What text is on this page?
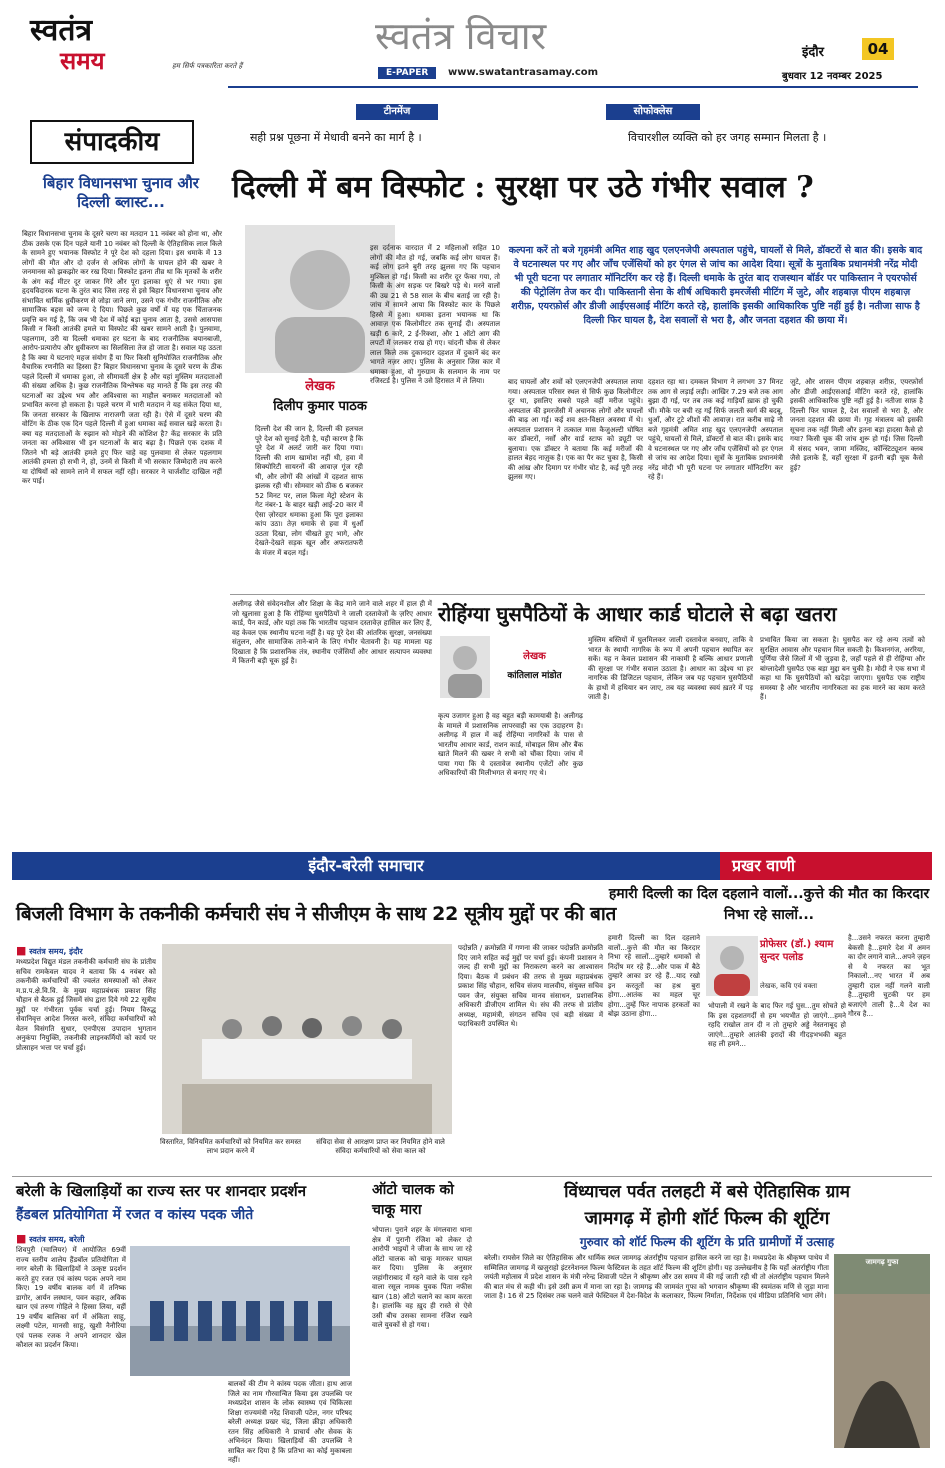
स्वतंत्र
समय	हम सिर्फ पत्रकारिता करते हैं
स्वतंत्र विचार
E-PAPER	www.swatantrasamay.com
इंदौर	04
बुधवार 12 नवम्बर 2025
टीनमेंज
सही प्रश्न पूछना में मेधावी बनने का मार्ग है ।
सोफोक्लेस
विचारशील व्यक्ति को हर जगह सम्मान मिलता है ।
संपादकीय
बिहार विधानसभा चुनाव और दिल्ली ब्लास्ट...
बिहार विधानसभा चुनाव के दूसरे चरण का मतदान 11 नवंबर को होना था, और ठीक उसके एक दिन पहले यानी 10 नवंबर को दिल्ली के ऐतिहासिक लाल किले के सामने हुए भयानक विस्फोट ने पूरे देश को दहला दिया। इस धमाके में 13 लोगों की मौत और दो दर्जन से अधिक लोगों के घायल होने की खबर ने जनमानस को झकझोर कर रख दिया। विस्फोट इतना तीव्र था कि मृतकों के शरीर के अंग कई मीटर दूर जाकर गिरे और पूरा इलाका धुएं से भर गया। इस हृदयविदारक घटना के तुरंत बाद जिस तरह से इसे बिहार विधानसभा चुनाव और संभावित धार्मिक ध्रुवीकरण से जोड़ा जाने लगा, उसने एक गंभीर राजनीतिक और सामाजिक बहस को जन्म दे दिया। पिछले कुछ वर्षों में यह एक चिंताजनक प्रवृत्ति बन गई है, कि जब भी देश में कोई बड़ा चुनाव आता है, उससे आसपास किसी न किसी आतंकी हमले या विस्फोट की खबर सामने आती है। पुलवामा, पहलगाम, उरी या दिल्ली धमाका हर घटना के बाद राजनीतिक बयानबाजी, आरोप-प्रत्यारोप और ध्रुवीकरण का सिलसिला तेज हो जाता है। सवाल यह उठता है कि क्या ये घटनाएं महज संयोग हैं या फिर किसी सुनियोजित राजनीतिक और वैचारिक रणनीति का हिस्सा हैं? बिहार विधानसभा चुनाव के दूसरे चरण के ठीक पहले दिल्ली में धमाका हुआ, तो सीमावर्ती क्षेत्र है और यहां मुस्लिम मतदाताओं की संख्या अधिक है। कुछ राजनीतिक विश्लेषक यह मानते हैं कि इस तरह की घटनाओं का उद्देश्य भय और अविश्वास का माहौल बनाकर मतदाताओं को प्रभावित करना हो सकता है। पहले चरण में भारी मतदान ने यह संकेत दिया था, कि जनता सरकार के खिलाफ नाराजगी जता रही है। ऐसे में दूसरे चरण की वोटिंग के ठीक एक दिन पहले दिल्ली में हुआ धमाका कई सवाल खड़े करता है। क्या यह मतदाताओं के रुझान को मोड़ने की कोशिश है? केंद्र सरकार के प्रति जनता का अविश्वास भी इन घटनाओं के बाद बढ़ा है। पिछले एक दशक में जितने भी बड़े आतंकी हमले हुए फिर चाहे वह पुलवामा से लेकर पहलगाम आतंकी हमला हो सभी ने, हो, उनमें से किसी में भी सरकार जिम्मेदारी तय करने या दोषियों को सामने लाने में सफल नहीं रही। सरकार ने चार्जशीट दाखिल नहीं कर पाई।
दिल्ली में बम विस्फोट : सुरक्षा पर उठे गंभीर सवाल ?
लेखक
दिलीप कुमार पाठक
कल्पना करें तो बजे गृहमंत्री अमित शाह खुद एलएनजेपी अस्पताल पहुंचे, घायलों से मिले, डॉक्टरों से बात की। इसके बाद वे घटनास्थल पर गए और जाँच एजेंसियों को हर एंगल से जांच का आदेश दिया। सूत्रों के मुताबिक प्रधानमंत्री नरेंद्र मोदी भी पूरी घटना पर लगातार मॉनिटरिंग कर रहे हैं। दिल्ली धमाके के तुरंत बाद राजस्थान बॉर्डर पर पाकिस्तान ने एयरफोर्स की पेट्रोलिंग तेज कर दी। पाकिस्तानी सेना के शीर्ष अधिकारी इमरजेंसी मीटिंग में जुटे, और शहबाज़ पीएम शहबाज़ शरीफ़, एयरफ़ोर्स और डीजी आईएसआई मीटिंग करते रहे, हालांकि इसकी आधिकारिक पुष्टि नहीं हुई है। नतीजा साफ है दिल्ली फिर घायल है, देश सवालों से भरा है, और जनता दहशत की छाया में।
दिल्ली देश की जान है, दिल्ली की हलचल पूरे देश को सुनाई देती है, यही कारण है कि पूरे देश में अलर्ट जारी कर दिया गया। दिल्ली की शाम खामोश नहीं थी, हवा में सिक्योरिटी सायरनों की आवाज़ गूंज रही थी, और लोगों की आंखों में दहशत साफ झलक रही थी। सोमवार को ठीक 6 बजकर 52 मिनट पर, लाल किला मेट्रो स्टेशन के गेट नंबर-1 के बाहर खड़ी आई-20 कार में ऐसा ज़ोरदार धमाका हुआ कि पूरा इलाका कांप उठा। तेज़ धमाके से हवा में धुआँ उठता दिखा, लोग चीखते हुए भागे, और देखते-देखते सड़क खून और अफरातफरी के मंजर में बदल गई।
इस दर्दनाक वारदात में 2 महिलाओं सहित 10 लोगों की मौत हो गई, जबकि कई लोग घायल हैं। कई लोग इतने बुरी तरह झुलस गए कि पहचान मुश्किल हो गई। किसी का शरीर दूर फेंका गया, तो किसी के अंग सड़क पर बिखरे पड़े थे। मरने वालों की उम्र 21 से 58 साल के बीच बताई जा रही है। जांच में सामने आया कि विस्फोट कार के पिछले हिस्से में हुआ। धमाका इतना भयानक था कि आवाज़ एक किलोमीटर तक सुनाई दी। अस्पताल खड़ी 6 कारें, 2 ई-रिक्शा, और 1 ऑटो आग की लपटों में जलकर राख हो गए। चांदनी चौक से लेकर लाल किले तक दुकानदार दहशत में दुकानें बंद कर भागते नज़र आए। पुलिस के अनुसार जिस कार में धमाका हुआ, वो गुरुग्राम के सलमान के नाम पर रजिस्टर्ड है। पुलिस ने उसे हिरासत में ले लिया।	बाद घायलों और शवों को एलएनजेपी अस्पताल लाया गया। अस्पताल परिसर स्थल से सिर्फ कुछ किलोमीटर दूर था, इसलिए सबसे पहले वहीं मरीज पहुंचे। अस्पताल की इमरजेंसी में अचानक लोगों और घायलों की बाढ़ आ गई। कई शव क्षत-विक्षत अवस्था में थे। अस्पताल प्रशासन ने तत्काल मास कैजुअल्टी घोषित कर डॉक्टरों, नर्सों और वार्ड स्टाफ को ड्यूटी पर बुलाया। एक डॉक्टर ने बताया कि कई मरीजों की हालत बेहद नाज़ुक है। एक का पैर कट चुका है, किसी की आंख और दिमाग पर गंभीर चोट है, कई पूरी तरह झुलस गए।
दहशत रहा था। दमकल विभाग ने लगभग 37 मिनट तक आग से लड़ाई लड़ी। आखिर 7.29 बजे तक आग बुझा दी गई, पर तब तक कई गाड़ियाँ ख़ाक हो चुकी थीं। मौके पर बची रह गईं सिर्फ जलती स्वर्ग की बदबू, धुआँ, और टूटे शीशों की आवाज़। रात करीब साढ़े नौ बजे गृहमंत्री अमित शाह खुद एलएनजेपी अस्पताल पहुंचे, घायलों से मिले, डॉक्टरों से बात की। इसके बाद वे घटनास्थल पर गए और जाँच एजेंसियों को हर एंगल से जांच का आदेश दिया। सूत्रों के मुताबिक प्रधानमंत्री नरेंद्र मोदी भी पूरी घटना पर लगातार मॉनिटरिंग कर रहे हैं।
जुटे, और शासन पीएम शहबाज़ शरीफ़, एयरफ़ोर्स और डीजी आईएसआई मीटिंग करते रहे, हालांकि इसकी आधिकारिक पुष्टि नहीं हुई है। नतीजा साफ़ है दिल्ली फिर घायल है, देश सवालों से भरा है, और जनता दहशत की छाया में। गृह मंत्रालय को इसकी सूचना तक नहीं मिली और इतना बड़ा हादसा कैसे हो गया? किसी चूक की जांच शुरू हो गई। जिस दिल्ली में संसद भवन, जामा मस्जिद, कॉन्स्टिट्यूशन क्लब जैसे इलाके हैं, वहाँ सुरक्षा में इतनी बड़ी चूक कैसे हुई?
अलीगढ़ जैसे संवेदनशील और शिक्षा के केंद्र माने जाने वाले शहर में हाल ही में जो खुलासा हुआ है कि रोहिंग्या घुसपैठियों ने जाली दस्तावेजों के ज़रिए आधार कार्ड, पैन कार्ड, और यहां तक कि भारतीय पहचान दस्तावेज़ हासिल कर लिए हैं, वह केवल एक स्थानीय घटना नहीं है। यह पूरे देश की आंतरिक सुरक्षा, जनसंख्या संतुलन, और सामाजिक ताने-बाने के लिए गंभीर चेतावनी है। यह मामला यह दिखाता है कि प्रशासनिक तंत्र, स्थानीय एजेंसियाँ और आधार सत्यापन व्यवस्था में कितनी बड़ी चूक हुई है।
रोहिंग्या घुसपैठियों के आधार कार्ड घोटाले से बढ़ा खतरा
लेखक
कांतिलाल मांडोत
कृत्य उजागर हुआ है वह बहुत बड़ी कामयाबी है। अलीगढ़ के मामले में प्रशासनिक लापरवाही का एक उदाहरण है। अलीगढ़ में हाल में कई रोहिंग्या नागरिकों के पास से भारतीय आधार कार्ड, राशन कार्ड, मोबाइल सिम और बैंक खाते मिलने की खबर ने सभी को चौंका दिया। जांच में पाया गया कि ये दस्तावेज स्थानीय एजेंटों और कुछ अधिकारियों की मिलीभगत से बनाए गए थे।
मुस्लिम बस्तियों में घुलमिलकर जाली दस्तावेज बनवाए, ताकि वे भारत के स्थायी नागरिक के रूप में अपनी पहचान स्थापित कर सकें। यह न केवल प्रशासन की नाकामी है बल्कि आधार प्रणाली की सुरक्षा पर गंभीर सवाल उठाता है। आधार का उद्देश्य था हर नागरिक की डिजिटल पहचान, लेकिन जब यह पहचान घुसपैठियों के हाथों में हथियार बन जाए, तब यह व्यवस्था स्वयं ख़तरे में पड़ जाती है।
प्रभावित किया जा सकता है। घुसपैठ कर रहे अन्य तत्वों को सुरक्षित आवास और पहचान मिल सकती है। किशनगंज, अररिया, पूर्णिया जैसे जिलों में भी जुड़वा है, जहाँ पहले से ही रोहिंग्या और बांग्लादेशी घुसपैठ एक बड़ा मुद्दा बन चुकी है। मोदी ने एक सभा में कहा था कि घुसपैठियों को खदेड़ा जाएगा। घुसपैठ एक राष्ट्रीय समस्या है और भारतीय नागरिकता का हक मारने का काम करते हैं।
इंदौर-बरेली समाचार	प्रखर वाणी
बिजली विभाग के तकनीकी कर्मचारी संघ ने सीजीएम के साथ 22 सूत्रीय मुद्दों पर की बात
■ स्वतंत्र समय, इंदौर
मध्यप्रदेश विद्युत मंडल तकनीकी कर्मचारी संघ के प्रांतीय सचिव रामकेवल यादव ने बताया कि 4 नवंबर को तकनीकी कर्मचारियों की ज्वलंत समस्याओं को लेकर म.प्र.प.क्षे.वि.वि. के मुख्य महाप्रबंधक प्रकाश सिंह चौहान से बैठक हुई जिसमें संघ द्वारा दिये गये 22 सूत्रीय मुद्दों पर गंभीरता पूर्वक चर्चा हुई। नियम विरुद्ध सेवानिवृत्त आदेश निरस्त करने, संविदा कर्मचारियों को वेतन विसंगति सुधार, एनपीएस उपादान भुगतान अनुकंपा नियुक्ति, तकनीकी लाइनकर्मियों को कार्य पर प्रोत्साहन भत्ता पर चर्चा हुई।
विस्तारित, विनियमित कर्मचारियों को नियमित कर समस्त लाभ प्रदान करने में
संविदा सेवा से आरक्षण प्राप्त कर नियमित होने वाले संविदा कर्मचारियों को सेवा काल को
पदोन्नति / क्रमोन्नति में गणना की जाकर पदोन्नति क्रमोन्नति दिए जाने सहित कई मुद्दों पर चर्चा हुई। कंपनी प्रशासन ने जल्द ही सभी मुद्दों का निराकरण करने का आश्वासन दिया। बैठक में प्रबंधन की तरफ से मुख्य महाप्रबंधक प्रकाश सिंह चौहान, सचिव संजय मालवीय, संयुक्त सचिव पवन जैन, संयुक्त सचिव मानव संसाधन, प्रशासनिक अधिकारी डीजीएम शामिल थे। संघ की तरफ से प्रांतीय अध्यक्ष, महामंत्री, संगठन सचिव एवं बड़ी संख्या में पदाधिकारी उपस्थित थे।
हमारी दिल्ली का दिल दहलाने वालों...कुत्ते की मौत का किरदार निभा रहे सालों...
प्रोफेसर (डॉ.) श्याम सुन्दर पलोड
लेखक, कवि एवं वक्ता
हमारी दिल्ली का दिल दहलाने वालों...कुत्ते की मौत का किरदार निभा रहे सालों...तुम्हारे धमाकों से निर्दोष मर रहे हैं...और पाक में बैठे तुम्हारे आका डर रहे हैं...याद रखो इन करतूतों का हश्र बुरा होगा...आतंक का महल चूर होगा...तुम्हें फिर नापाक हरकतों का बोझ उठाना होगा...
भोपाली में रखने के बाद फिर गई घुस...तुम सोचते हो कि इस दहशतगर्दी से हम भयभीत हो जाएंगे...हमने रहदि राखोल तान दी न तो तुम्हारे अड्डे नेस्तनाबूद हो जाएंगे...तुम्हारे आतंकी इरादों की गीदड़भभकी बहुत सह ली हमने...
है...उसने नफरत करना तुम्हारी बेकसी है...हमारे देश में अमन का दौर लगाने वाले...अपने ज़हन से ये नफरत का भूत निकालो...नए भारत में अब तुम्हारी दाल नहीं गलने वाली है...तुम्हारी चुटकी पर हम बजाएंगे ताली है...ये देश का गौरव है...
बरेली के खिलाड़ियों का राज्य स्तर पर शानदार प्रदर्शन
हैंडबल प्रतियोगिता में रजत व कांस्य पदक जीते
■ स्वतंत्र समय, बरेली
शिवपुरी (ग्वालियर) में आयोजित 69वीं राज्य स्तरीय शालेय हैंडबॉल प्रतियोगिता में नगर बरेली के खिलाड़ियों ने उत्कृष्ट प्रदर्शन करते हुए रजत एवं कांस्य पदक अपने नाम किए। 19 वर्षीय बालक वर्ग में तनिष्क डागोर, आर्यन लस्थान, पवन कहार, अविक खान एवं तरुण गोहिले ने हिस्सा लिया, वहीं 19 वर्षीय बालिका वर्ग में अंकिता साहू, लक्ष्मी पटेल, मानसी साहू, खुशी नैनौरिया एवं पलक रजक ने अपने शानदार खेल कौशल का प्रदर्शन किया।
बालकों की टीम ने कांस्य पदक जीता। हाथ आज जिले का नाम गौरवान्वित किया इस उपलब्धि पर मध्यप्रदेश शासन के लोक स्वास्थ्य एवं चिकित्सा शिक्षा राज्यमंत्री नरेंद्र शिवाजी पटेल, नगर परिषद बरेली अध्यक्ष प्रखर चंद्र, जिला क्रीड़ा अधिकारी रतन सिंह अधिकारी ने प्राचार्य और सेवक के अभिनंदन किया। खिलाड़ियों की उपलब्धि ने साबित कर दिया है कि प्रतिभा का कोई मुकाबला नहीं।
ऑटो चालक को चाकू मारा
भोपाल। पुराने शहर के मंगलवारा थाना क्षेत्र में पुरानी रंजिश को लेकर दो आरोपी भाइयों ने जीजा के साथ जा रहे ऑटो चालक को चाकू मारकर घायल कर दिया। पुलिस के अनुसार जहांगीराबाद में रहने वाले के पास रहने वाला रसूल नामक युवक पिता नफीस खान (18) ऑटो चलाने का काम करता है। हालांकि वह ख़ुद ही रास्ते से ऐसे उसी बीच उसका सामना रंजिश रखने वाले युवकों से हो गया।
विंध्याचल पर्वत तलहटी में बसे ऐतिहासिक ग्राम
जामगढ़ में होगी शॉर्ट फिल्म की शूटिंग
गुरुवार को शॉर्ट फिल्म की शूटिंग के प्रति ग्रामीणों में उत्साह
बरेली। रायसेन जिले का ऐतिहासिक और धार्मिक स्थल जामगढ़ अंतर्राष्ट्रीय पहचान हासिल करने जा रहा है। मध्यप्रदेश के श्रीकृष्ण पाथेय में सम्मिलित जामगढ़ में खजुराहो इंटरनेशनल फिल्म फेस्टिवल के तहत शॉर्ट फिल्म की शूटिंग होगी। यह उल्लेखनीय है कि यहाँ अंतर्राष्ट्रीय गीता जयंती महोत्सव में प्रदेश शासन के मंत्री नरेन्द्र शिवाजी पटेल ने श्रीकृष्ण और उस समय में की गई जाती रही थी तो अंतर्राष्ट्रीय पहचान मिलने की बात मंच से कही थी। इसे उसी क्रम में माना जा रहा है। जामगढ़ की जामवंत गुफा को भगवान श्रीकृष्ण की स्यमंतक मणि से जुड़ा माना जाता है। 16 से 25 दिसंबर तक चलने वाले फेस्टिवल में देश-विदेश के कलाकार, फिल्म निर्माता, निर्देशक एवं मीडिया प्रतिनिधि भाग लेंगे।
जामगढ़ गुफा
